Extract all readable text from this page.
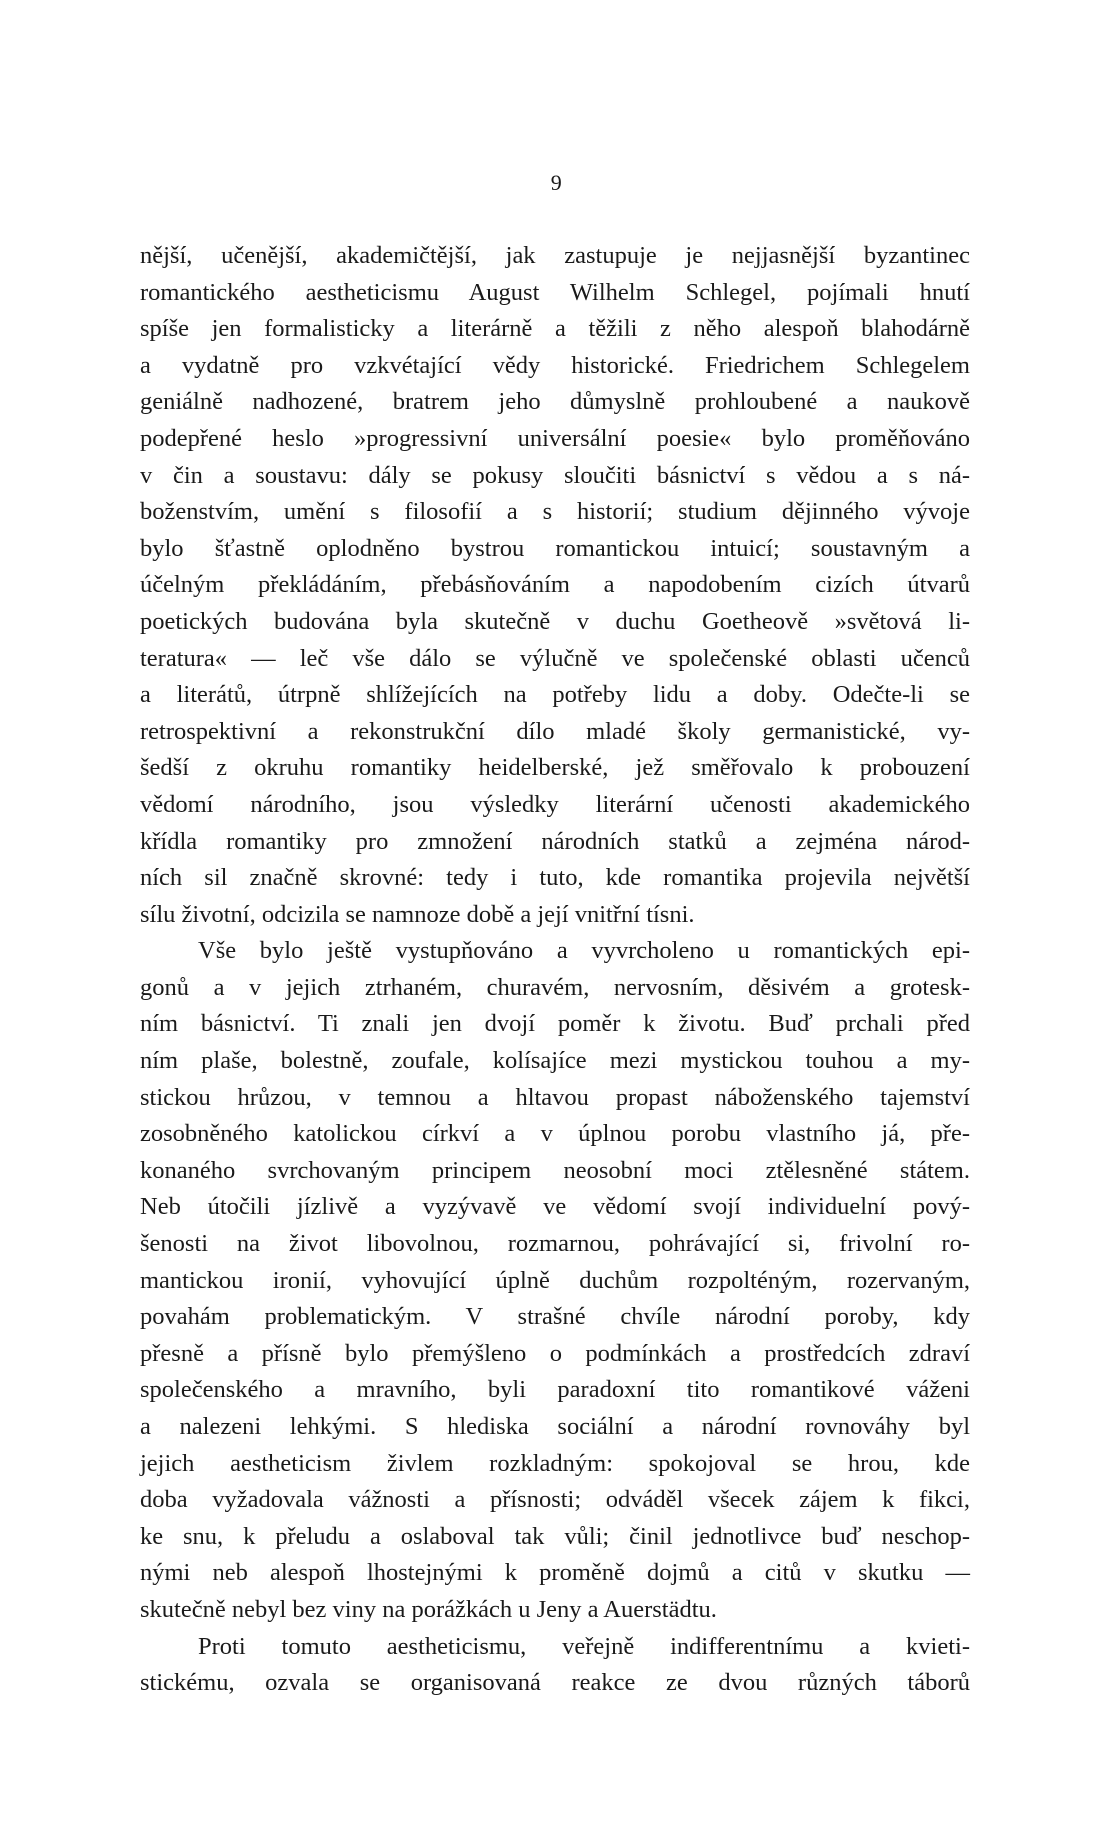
9
nější, učenější, akademičtější, jak zastupuje je nejjasnější byzantinec
romantického aestheticismu August Wilhelm Schlegel, pojímali hnutí
spíše jen formalisticky a literárně a těžili z něho alespoň blahodárně
a vydatně pro vzkvétající vědy historické. Friedrichem Schlegelem
geniálně nadhozené, bratrem jeho důmyslně prohloubené a naukově
podepřené heslo »progressivní universální poesie« bylo proměňováno
v čin a soustavu: dály se pokusy sloučiti básnictví s vědou a s ná-
boženstvím, umění s filosofií a s historií; studium dějinného vývoje
bylo šťastně oplodněno bystrou romantickou intuicí; soustavným a
účelným překládáním, přebásňováním a napodobením cizích útvarů
poetických budována byla skutečně v duchu Goetheově »světová li-
teratura« — leč vše dálo se výlučně ve společenské oblasti učenců
a literátů, útrpně shlížejících na potřeby lidu a doby. Odečte-li se
retrospektivní a rekonstrukční dílo mladé školy germanistické, vy-
šedší z okruhu romantiky heidelberské, jež směřovalo k probouzení
vědomí národního, jsou výsledky literární učenosti akademického
křídla romantiky pro zmnožení národních statků a zejména národ-
ních sil značně skrovné: tedy i tuto, kde romantika projevila největší
sílu životní, odcizila se namnoze době a její vnitřní tísni.
Vše bylo ještě vystupňováno a vyvrcholeno u romantických epi-
gonů a v jejich ztrhaném, churavém, nervosním, děsivém a grotesk-
ním básnictví. Ti znali jen dvojí poměr k životu. Buď prchali před
ním plaše, bolestně, zoufale, kolísajíce mezi mystickou touhou a my-
stickou hrůzou, v temnou a hltavou propast náboženského tajemství
zosobněného katolickou církví a v úplnou porobu vlastního já, pře-
konaného svrchovaným principem neosobní moci ztělesněné státem.
Neb útočili jízlivě a vyzývavě ve vědomí svojí individuelní pový-
šenosti na život libovolnou, rozmarnou, pohrávající si, frivolní ro-
mantickou ironií, vyhovující úplně duchům rozpolténým, rozervaným,
povahám problematickým. V strašné chvíle národní poroby, kdy
přesně a přísně bylo přemýšleno o podmínkách a prostředcích zdraví
společenského a mravního, byli paradoxní tito romantikové váženi
a nalezeni lehkými. S hlediska sociální a národní rovnováhy byl
jejich aestheticism živlem rozkladným: spokojoval se hrou, kde
doba vyžadovala vážnosti a přísnosti; odváděl všecek zájem k fikci,
ke snu, k přeludu a oslaboval tak vůli; činil jednotlivce buď neschop-
nými neb alespoň lhostejnými k proměně dojmů a citů v skutku —
skutečně nebyl bez viny na porážkách u Jeny a Auerstädtu.
Proti tomuto aestheticismu, veřejně indifferentnímu a kvieti-
stickému, ozvala se organisovaná reakce ze dvou různých táborů
